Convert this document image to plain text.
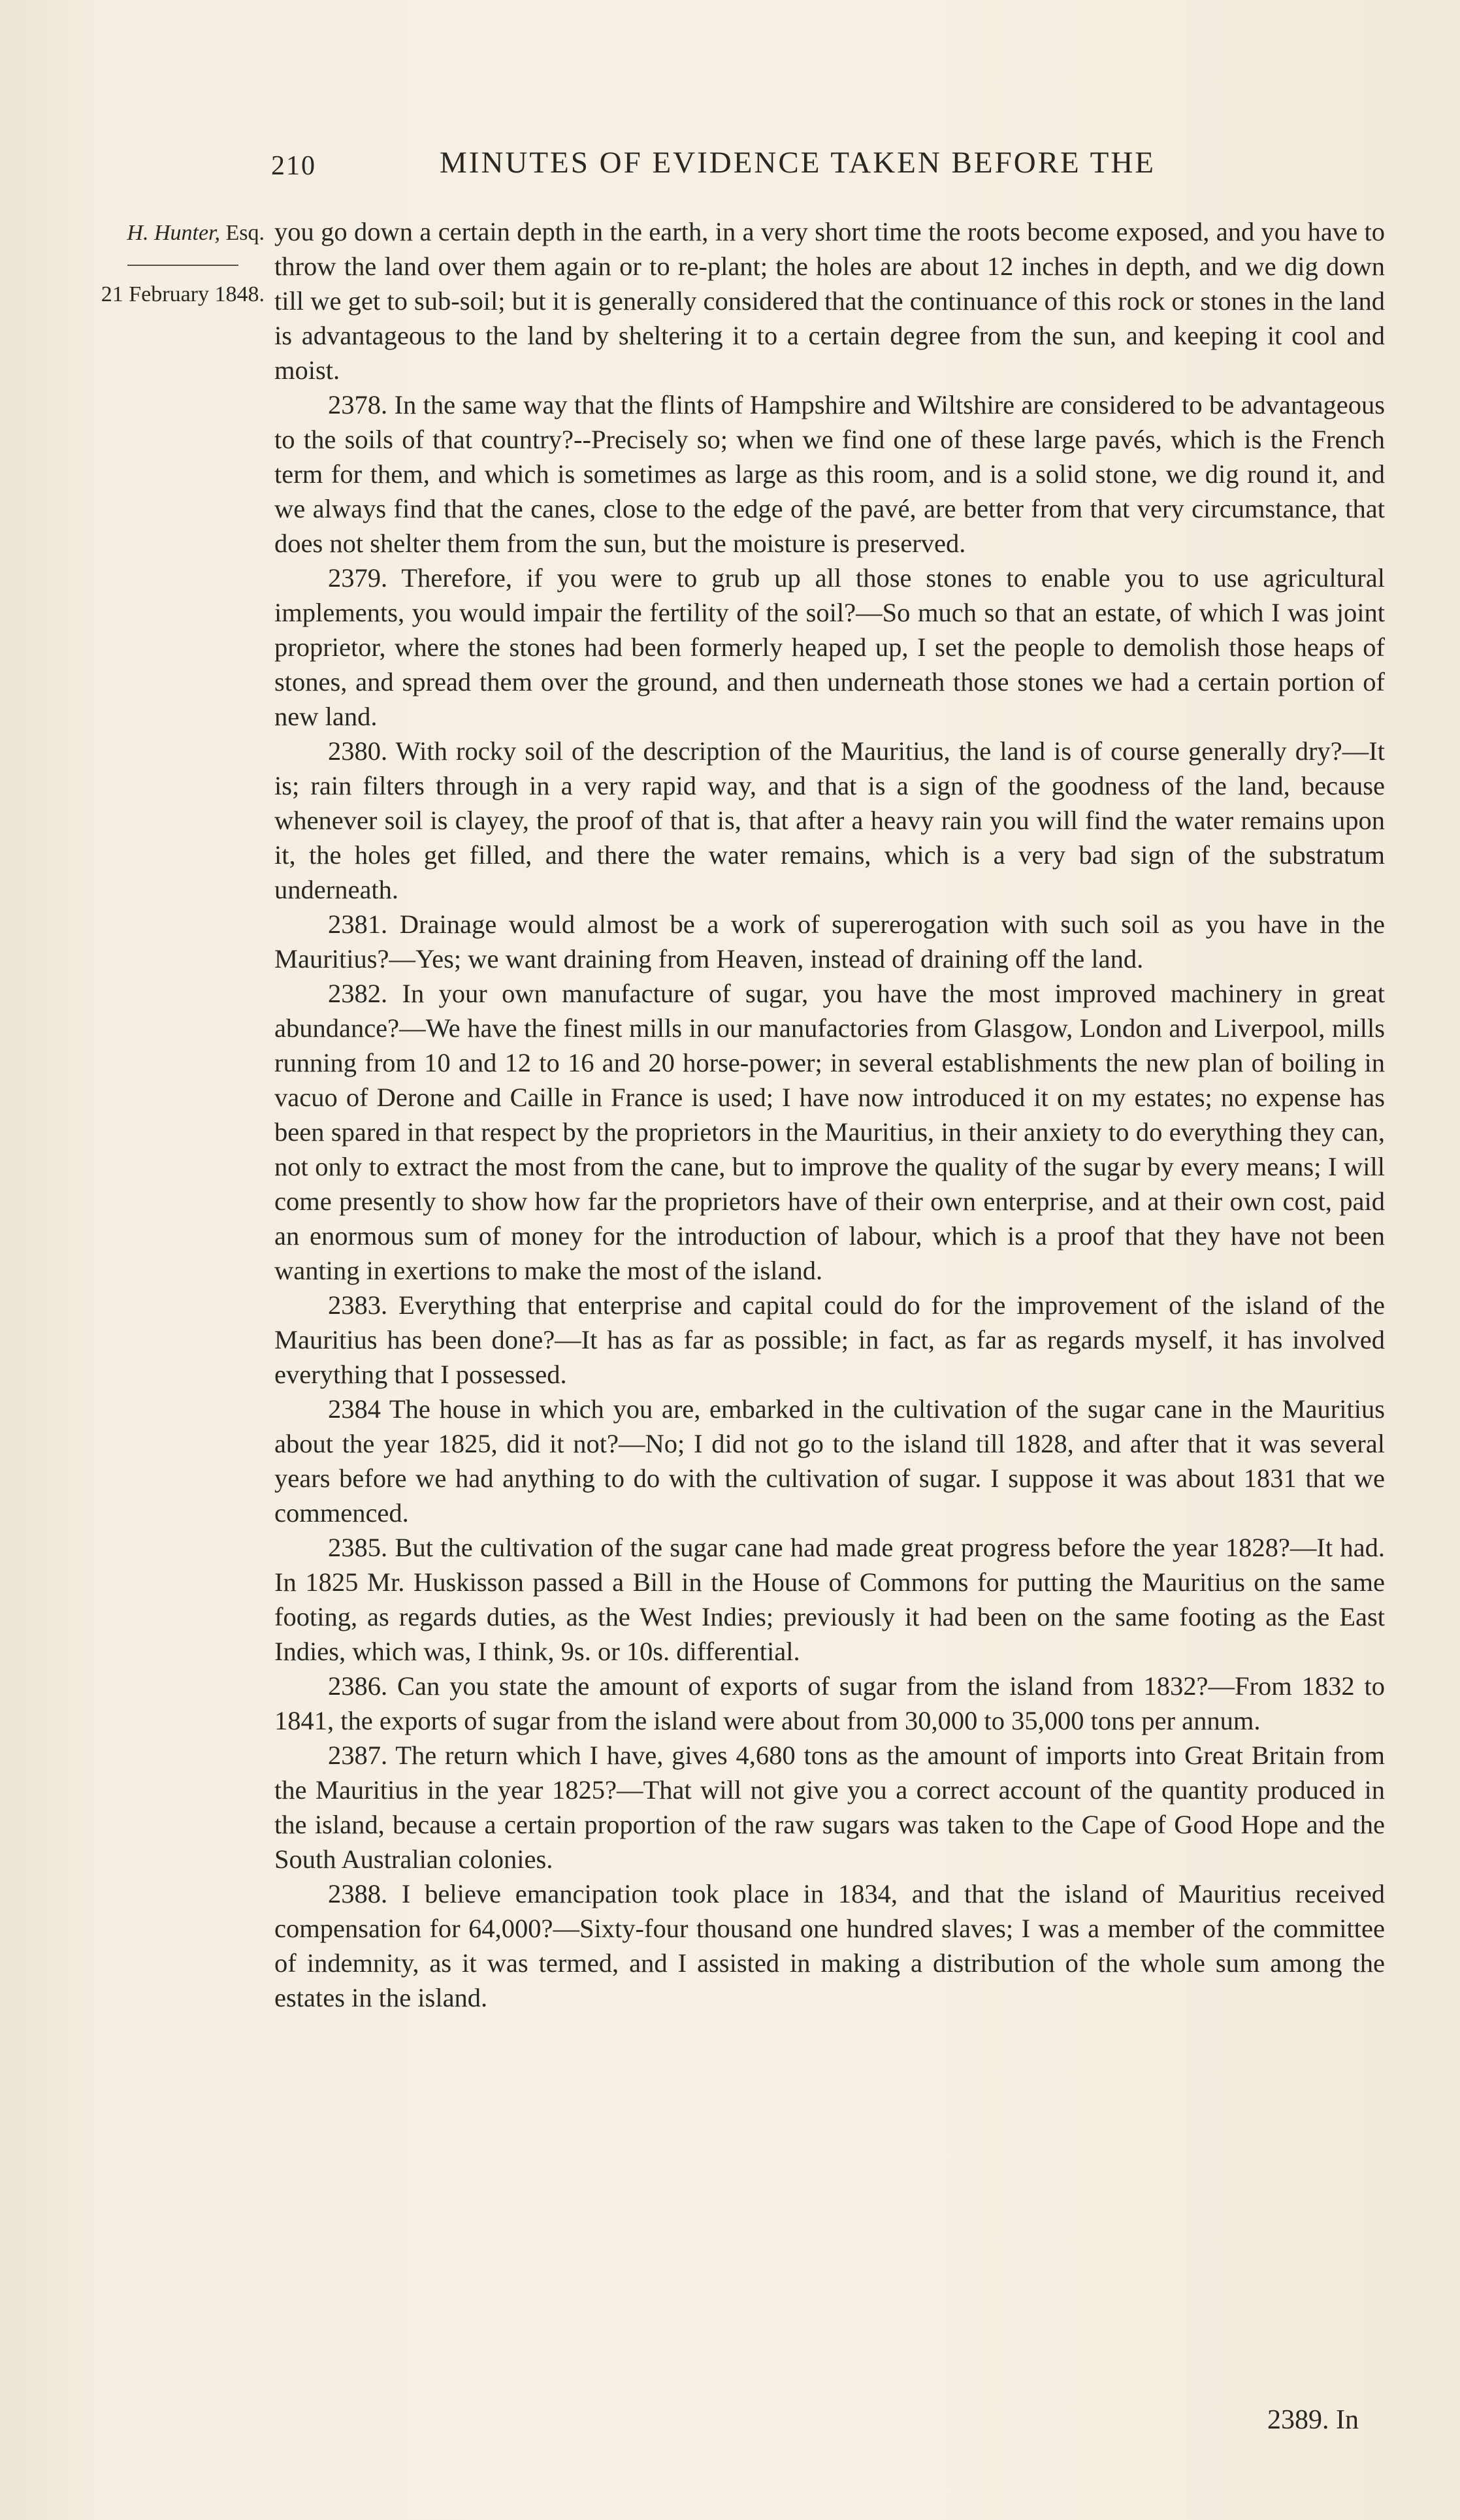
210	MINUTES OF EVIDENCE TAKEN BEFORE THE
H. Hunter, Esq.
21 February 1848.

you go down a certain depth in the earth, in a very short time the roots become exposed, and you have to throw the land over them again or to re-plant; the holes are about 12 inches in depth, and we dig down till we get to sub-soil; but it is generally considered that the continuance of this rock or stones in the land is advantageous to the land by sheltering it to a certain degree from the sun, and keeping it cool and moist.

2378. In the same way that the flints of Hampshire and Wiltshire are considered to be advantageous to the soils of that country?--Precisely so; when we find one of these large pavés, which is the French term for them, and which is sometimes as large as this room, and is a solid stone, we dig round it, and we always find that the canes, close to the edge of the pavé, are better from that very circumstance, that does not shelter them from the sun, but the moisture is preserved.

2379. Therefore, if you were to grub up all those stones to enable you to use agricultural implements, you would impair the fertility of the soil?—So much so that an estate, of which I was joint proprietor, where the stones had been formerly heaped up, I set the people to demolish those heaps of stones, and spread them over the ground, and then underneath those stones we had a certain portion of new land.

2380. With rocky soil of the description of the Mauritius, the land is of course generally dry?—It is; rain filters through in a very rapid way, and that is a sign of the goodness of the land, because whenever soil is clayey, the proof of that is, that after a heavy rain you will find the water remains upon it, the holes get filled, and there the water remains, which is a very bad sign of the substratum underneath.

2381. Drainage would almost be a work of supererogation with such soil as you have in the Mauritius?—Yes; we want draining from Heaven, instead of draining off the land.

2382. In your own manufacture of sugar, you have the most improved machinery in great abundance?—We have the finest mills in our manufactories from Glasgow, London and Liverpool, mills running from 10 and 12 to 16 and 20 horse-power; in several establishments the new plan of boiling in vacuo of Derone and Caille in France is used; I have now introduced it on my estates; no expense has been spared in that respect by the proprietors in the Mauritius, in their anxiety to do everything they can, not only to extract the most from the cane, but to improve the quality of the sugar by every means; I will come presently to show how far the proprietors have of their own enterprise, and at their own cost, paid an enormous sum of money for the introduction of labour, which is a proof that they have not been wanting in exertions to make the most of the island.

2383. Everything that enterprise and capital could do for the improvement of the island of the Mauritius has been done?—It has as far as possible; in fact, as far as regards myself, it has involved everything that I possessed.

2384 The house in which you are, embarked in the cultivation of the sugar cane in the Mauritius about the year 1825, did it not?—No; I did not go to the island till 1828, and after that it was several years before we had anything to do with the cultivation of sugar. I suppose it was about 1831 that we commenced.

2385. But the cultivation of the sugar cane had made great progress before the year 1828?—It had. In 1825 Mr. Huskisson passed a Bill in the House of Commons for putting the Mauritius on the same footing, as regards duties, as the West Indies; previously it had been on the same footing as the East Indies, which was, I think, 9s. or 10s. differential.

2386. Can you state the amount of exports of sugar from the island from 1832?—From 1832 to 1841, the exports of sugar from the island were about from 30,000 to 35,000 tons per annum.

2387. The return which I have, gives 4,680 tons as the amount of imports into Great Britain from the Mauritius in the year 1825?—That will not give you a correct account of the quantity produced in the island, because a certain proportion of the raw sugars was taken to the Cape of Good Hope and the South Australian colonies.

2388. I believe emancipation took place in 1834, and that the island of Mauritius received compensation for 64,000?—Sixty-four thousand one hundred slaves; I was a member of the committee of indemnity, as it was termed, and I assisted in making a distribution of the whole sum among the estates in the island.

2389. In
